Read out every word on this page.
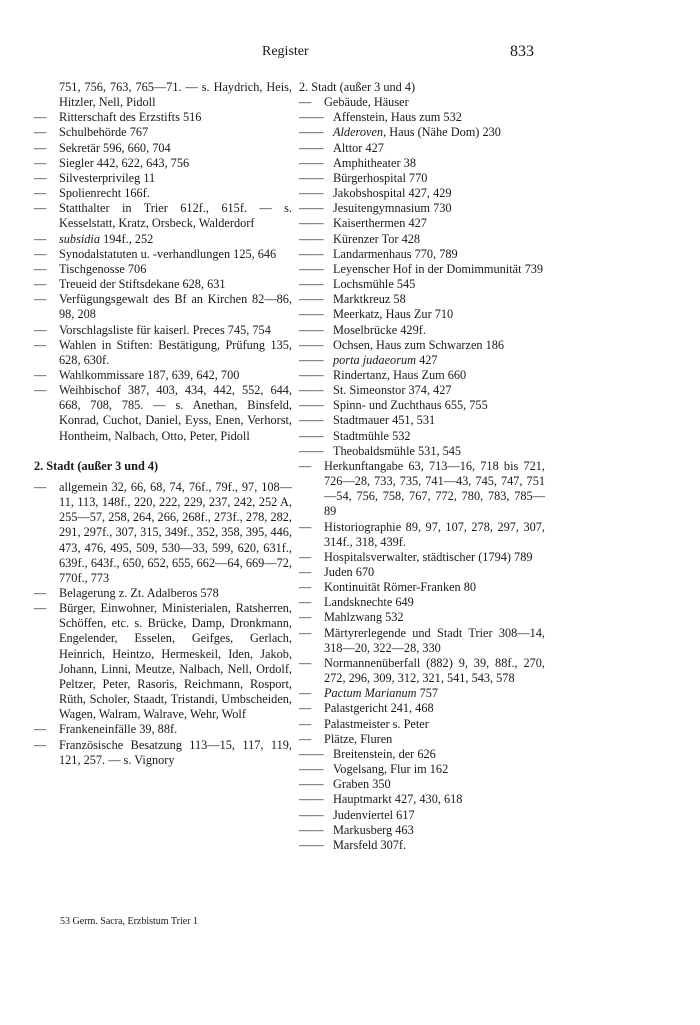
Register	833
751, 756, 763, 765—71. — s. Haydrich, Heis, Hitzler, Nell, Pidoll
— Ritterschaft des Erzstifts 516
— Schulbehörde 767
— Sekretär 596, 660, 704
— Siegler 442, 622, 643, 756
— Silvesterprivileg 11
— Spolienrecht 166f.
— Statthalter in Trier 612f., 615f. — s. Kesselstatt, Kratz, Orsbeck, Walderdorf
— subsidia 194f., 252
— Synodalstatuten u. -verhandlungen 125, 646
— Tischgenosse 706
— Treueid der Stiftsdekane 628, 631
— Verfügungsgewalt des Bf an Kirchen 82—86, 98, 208
— Vorschlagsliste für kaiserl. Preces 745, 754
— Wahlen in Stiften: Bestätigung, Prüfung 135, 628, 630f.
— Wahlkommissare 187, 639, 642, 700
— Weihbischof 387, 403, 434, 442, 552, 644, 668, 708, 785. — s. Anethan, Binsfeld, Konrad, Cuchot, Daniel, Eyss, Enen, Verhorst, Hontheim, Nalbach, Otto, Peter, Pidoll
2. Stadt (außer 3 und 4)
— allgemein 32, 66, 68, 74, 76f., 79f., 97, 108—11, 113, 148f., 220, 222, 229, 237, 242, 252 A, 255—57, 258, 264, 266, 268f., 273f., 278, 282, 291, 297f., 307, 315, 349f., 352, 358, 395, 446, 473, 476, 495, 509, 530—33, 599, 620, 631f., 639f., 643f., 650, 652, 655, 662—64, 669—72, 770f., 773
— Belagerung z. Zt. Adalberos 578
— Bürger, Einwohner, Ministerialen, Ratsherren, Schöffen, etc. s. Brücke, Damp, Dronkmann, Engelender, Esselen, Geifges, Gerlach, Heinrich, Heintzo, Hermeskeil, Iden, Jakob, Johann, Linni, Meutze, Nalbach, Nell, Ordolf, Peltzer, Peter, Rasoris, Reichmann, Rosport, Rüth, Scholer, Staadt, Tristandi, Umbscheiden, Wagen, Walram, Walrave, Wehr, Wolf
— Frankeneinfälle 39, 88f.
— Französische Besatzung 113—15, 117, 119, 121, 257. — s. Vignory
2. Stadt (außer 3 und 4)
— Gebäude, Häuser
—— Affenstein, Haus zum 532
—— Alderoven, Haus (Nähe Dom) 230
—— Alttor 427
—— Amphitheater 38
—— Bürgerhospital 770
—— Jakobshospital 427, 429
—— Jesuitengymnasium 730
—— Kaiserthermen 427
—— Kürenzer Tor 428
—— Landarmenhaus 770, 789
—— Leyenscher Hof in der Domimmunität 739
—— Lochsmühle 545
—— Marktkreuz 58
—— Meerkatz, Haus Zur 710
—— Moselbrücke 429f.
—— Ochsen, Haus zum Schwarzen 186
—— porta judaeorum 427
—— Rindertanz, Haus Zum 660
—— St. Simeonstor 374, 427
—— Spinn- und Zuchthaus 655, 755
—— Stadtmauer 451, 531
—— Stadtmühle 532
—— Theobaldsmühle 531, 545
— Herkunftangabe 63, 713—16, 718 bis 721, 726—28, 733, 735, 741—43, 745, 747, 751—54, 756, 758, 767, 772, 780, 783, 785—89
— Historiographie 89, 97, 107, 278, 297, 307, 314f., 318, 439f.
— Hospitalsverwalter, städtischer (1794) 789
— Juden 670
— Kontinuität Römer-Franken 80
— Landsknechte 649
— Mahlzwang 532
— Märtyrerlegende und Stadt Trier 308—14, 318—20, 322—28, 330
— Normannenüberfall (882) 9, 39, 88f., 270, 272, 296, 309, 312, 321, 541, 543, 578
— Pactum Marianum 757
— Palastgericht 241, 468
— Palastmeister s. Peter
— Plätze, Fluren
—— Breitenstein, der 626
—— Vogelsang, Flur im 162
—— Graben 350
—— Hauptmarkt 427, 430, 618
—— Judenviertel 617
—— Markusberg 463
—— Marsfeld 307f.
53 Germ. Sacra, Erzbistum Trier 1
